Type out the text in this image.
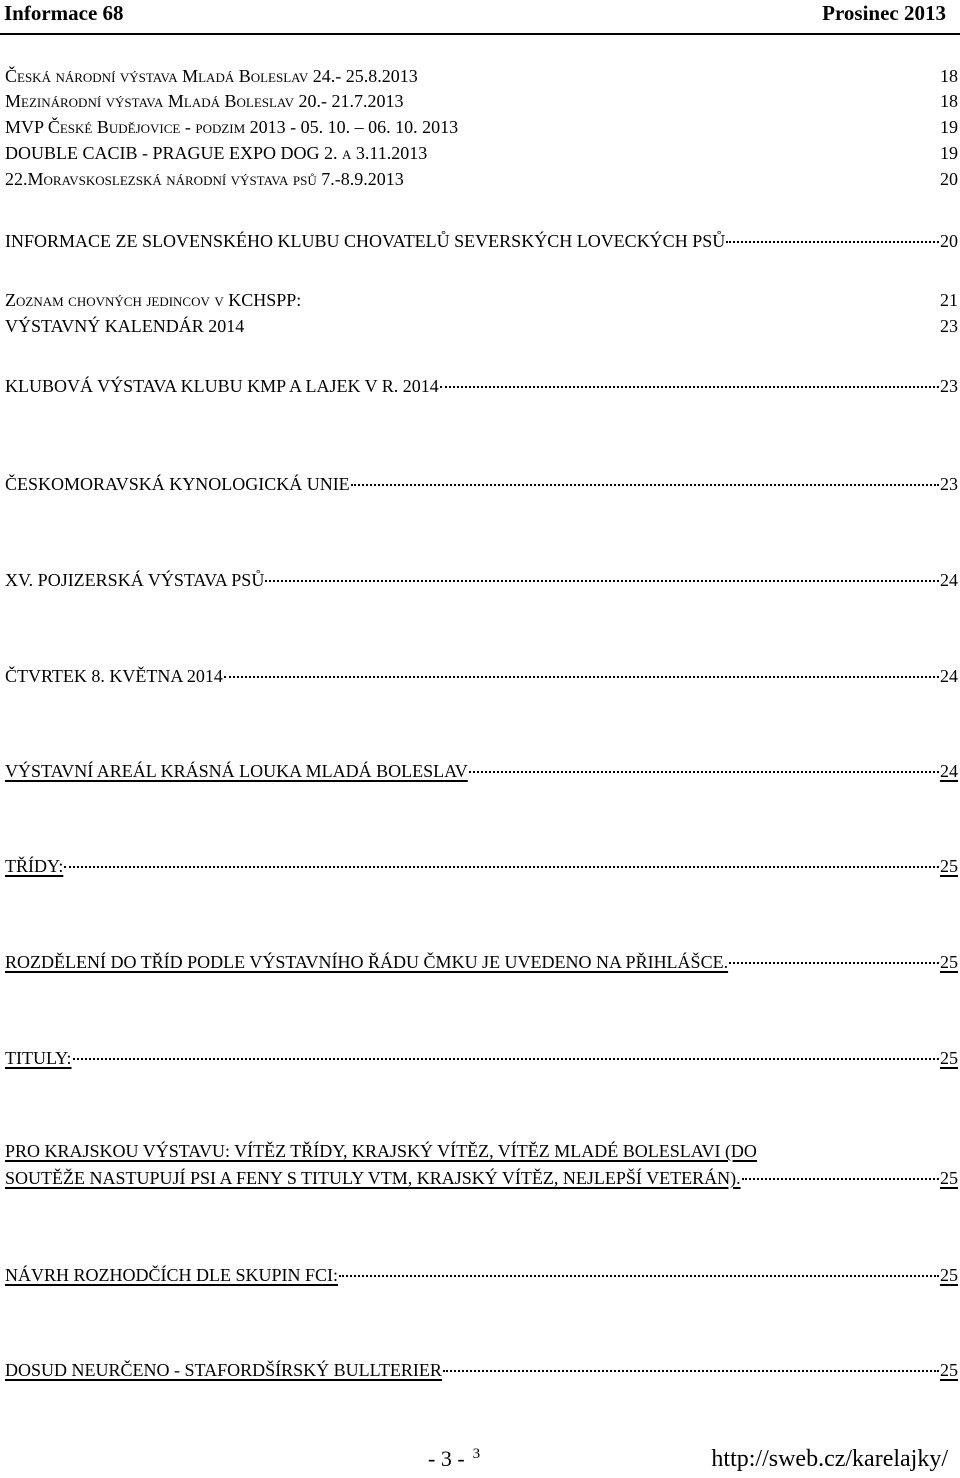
Informace 68	Prosinec 2013
Česká národní výstava Mladá Boleslav 24.- 25.8.2013	18
Mezinárodní výstava Mladá Boleslav 20.- 21.7.2013	18
MVP České Budějovice - podzim 2013 - 05. 10. – 06. 10. 2013	19
DOUBLE CACIB - PRAGUE EXPO DOG 2. a 3.11.2013	19
22.Moravskoslezská národní výstava psů 7.-8.9.2013	20
INFORMACE ZE SLOVENSKÉHO KLUBU CHOVATELŮ SEVERSKÝCH LOVECKÝCH PSŮ	20
Zoznam chovných jedincov v KCHSPP:	21
VÝSTAVNÝ KALENDÁR 2014	23
KLUBOVÁ VÝSTAVA KLUBU KMP A LAJEK V R. 2014	23
ČESKOMORAVSKÁ KYNOLOGICKÁ UNIE	23
XV. POJIZERSKÁ VÝSTAVA PSŮ	24
ČTVRTEK 8. KVĚTNA 2014	24
VÝSTAVNÍ AREÁL KRÁSNÁ LOUKA MLADÁ BOLESLAV	24
TŘÍDY:	25
ROZDĚLENÍ DO TŘÍD PODLE VÝSTAVNÍHO ŘÁDU ČMKU JE UVEDENO NA PŘIHLÁŠCE.	25
TITULY:	25
PRO KRAJSKOU VÝSTAVU: VÍTĚZ TŘÍDY, KRAJSKÝ VÍTĚZ, VÍTĚZ MLADÉ BOLESLAVI (DO
SOUTĚŽE NASTUPUJÍ PSI A FENY S TITULY VTM, KRAJSKÝ VÍTĚZ, NEJLEPŠÍ VETERÁN).	25
NÁVRH ROZHODČÍCH DLE SKUPIN FCI:	25
DOSUD NEURČENO - STAFORDŠÍRSKÝ BULLTERIER	25
- 3 - $^3$	http://sweb.cz/karelajky/
